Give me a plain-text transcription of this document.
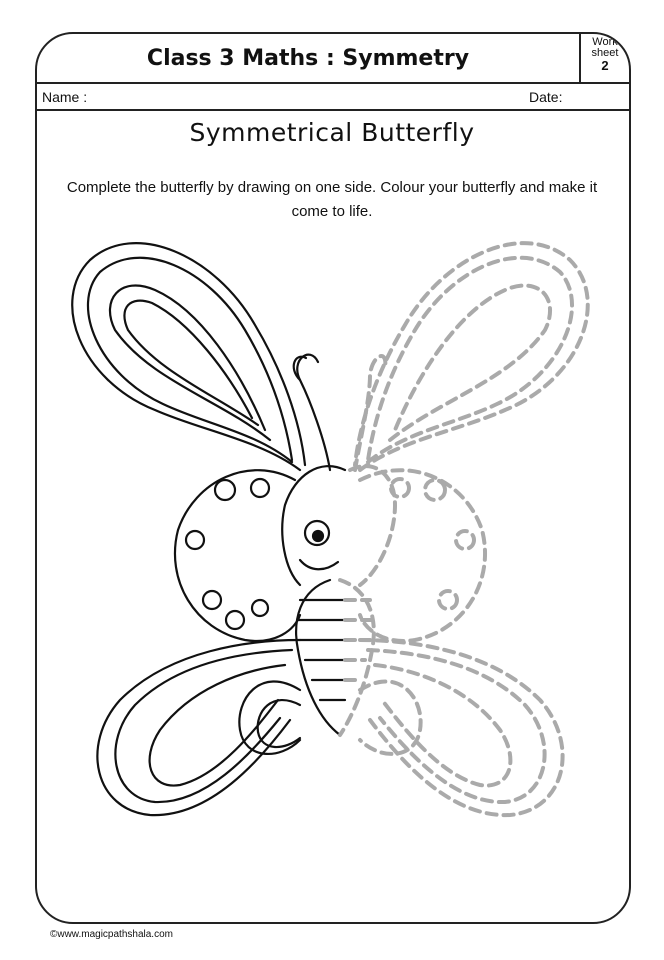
Class 3 Maths : Symmetry
Work sheet
2
Name :	Date:
Symmetrical Butterfly
Complete the butterfly by drawing on one side. Colour your butterfly and make it come to life.
©www.magicpathshala.com
